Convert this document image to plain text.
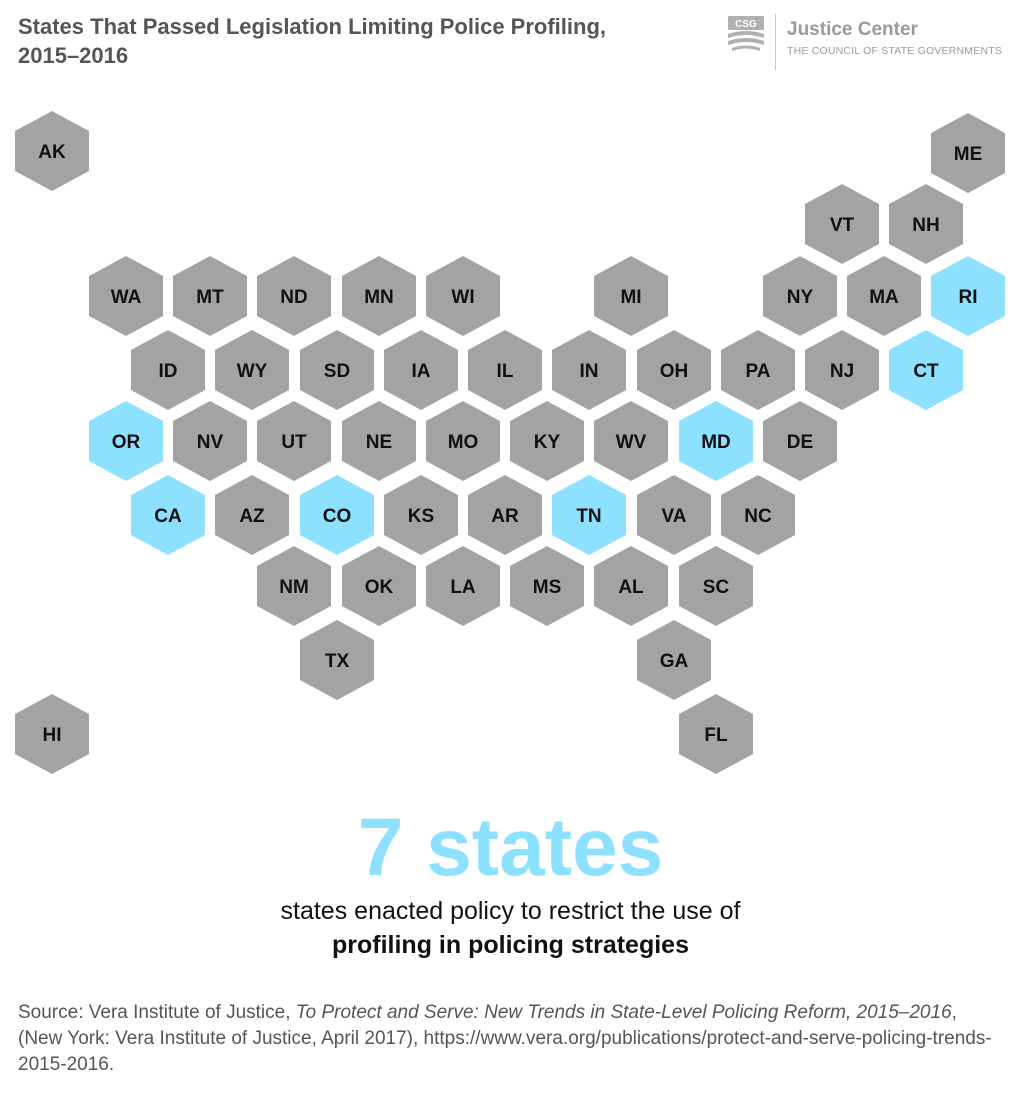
States That Passed Legislation Limiting Police Profiling, 2015–2016
CSG Justice Center
THE COUNCIL OF STATE GOVERNMENTS
AK	ME
VT	NH
WA	MT	ND	MN	WI	MI	NY	MA	RI
ID	WY	SD	IA	IL	IN	OH	PA	NJ	CT
OR	NV	UT	NE	MO	KY	WV	MD	DE
CA	AZ	CO	KS	AR	TN	VA	NC
NM	OK	LA	MS	AL	SC
TX	GA
HI	FL
7 states
states enacted policy to restrict the use of
profiling in policing strategies

Source: Vera Institute of Justice, To Protect and Serve: New Trends in State-Level Policing Reform, 2015–2016, (New York: Vera Institute of Justice, April 2017), https://www.vera.org/publications/protect-and-serve-policing-trends-2015-2016.
